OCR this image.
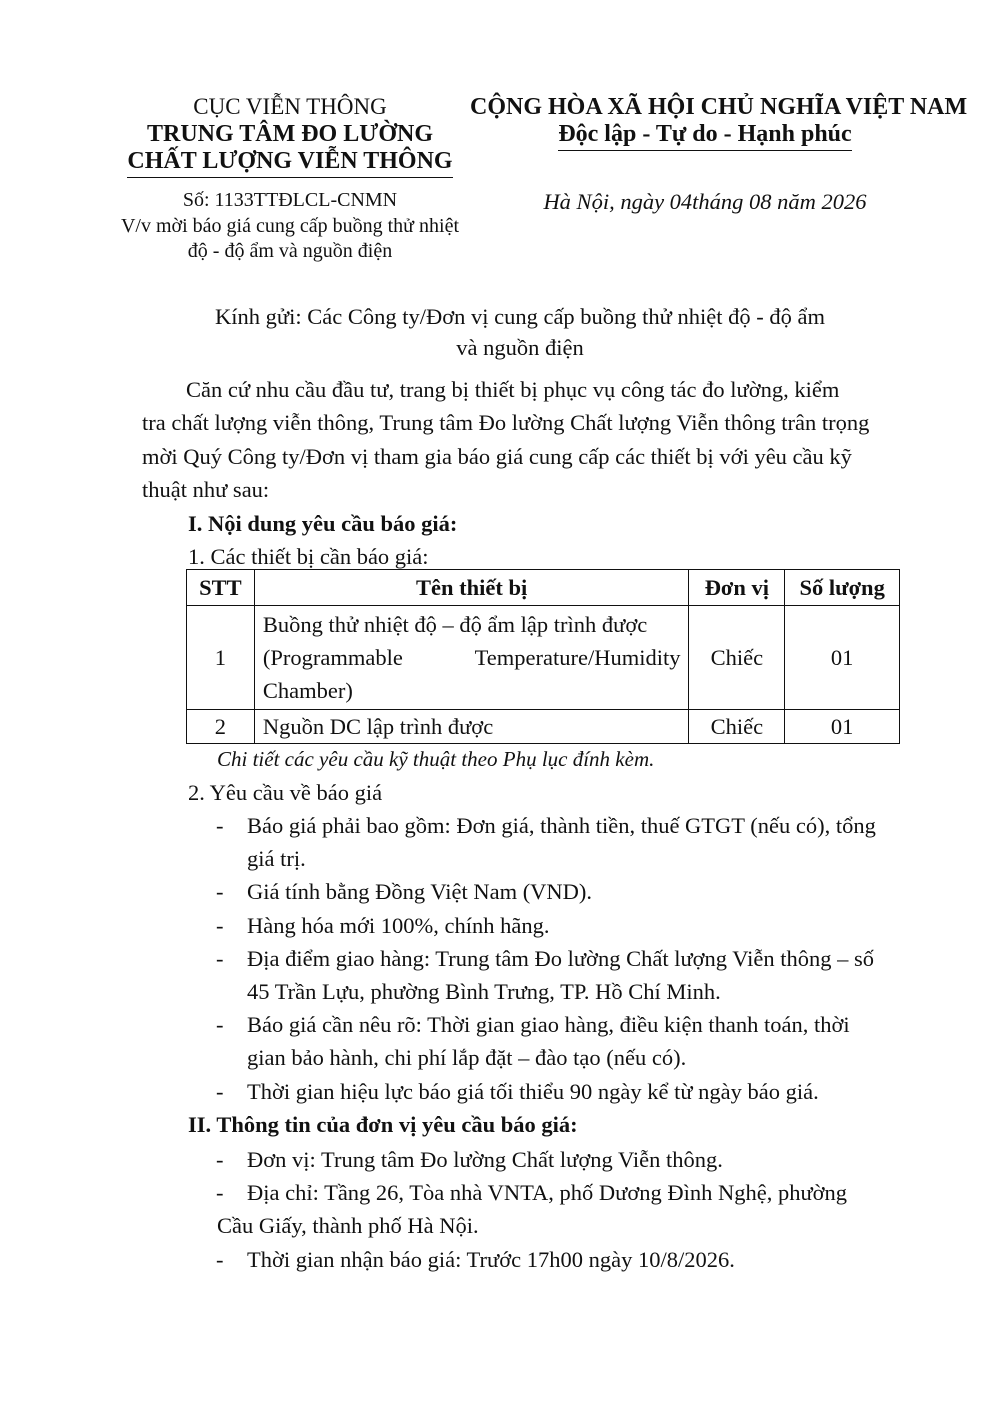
CỤC VIỄN THÔNG
TRUNG TÂM ĐO LƯỜNG
CHẤT LƯỢNG VIỄN THÔNG
Số: 1133TTĐLCL-CNMN
V/v mời báo giá cung cấp buồng thử nhiệt
độ - độ ẩm và nguồn điện
CỘNG HÒA XÃ HỘI CHỦ NGHĨA VIỆT NAM
Độc lập - Tự do - Hạnh phúc
Hà Nội, ngày 04tháng 08 năm 2026
Kính gửi: Các Công ty/Đơn vị cung cấp buồng thử nhiệt độ - độ ẩm
và nguồn điện
Căn cứ nhu cầu đầu tư, trang bị thiết bị phục vụ công tác đo lường, kiểm
tra chất lượng viễn thông, Trung tâm Đo lường Chất lượng Viễn thông trân trọng
mời Quý Công ty/Đơn vị tham gia báo giá cung cấp các thiết bị với yêu cầu kỹ
thuật như sau:
I. Nội dung yêu cầu báo giá:
1. Các thiết bị cần báo giá:
STT	Tên thiết bị	Đơn vị	Số lượng
1	Buồng thử nhiệt độ – độ ẩm lập trình được
(Programmable Temperature/Humidity
Chamber)	Chiếc	01
2	Nguồn DC lập trình được	Chiếc	01
Chi tiết các yêu cầu kỹ thuật theo Phụ lục đính kèm.
2. Yêu cầu về báo giá
- Báo giá phải bao gồm: Đơn giá, thành tiền, thuế GTGT (nếu có), tổng
giá trị.
- Giá tính bằng Đồng Việt Nam (VND).
- Hàng hóa mới 100%, chính hãng.
- Địa điểm giao hàng: Trung tâm Đo lường Chất lượng Viễn thông – số
45 Trần Lựu, phường Bình Trưng, TP. Hồ Chí Minh.
- Báo giá cần nêu rõ: Thời gian giao hàng, điều kiện thanh toán, thời
gian bảo hành, chi phí lắp đặt – đào tạo (nếu có).
- Thời gian hiệu lực báo giá tối thiểu 90 ngày kể từ ngày báo giá.
II. Thông tin của đơn vị yêu cầu báo giá:
- Đơn vị: Trung tâm Đo lường Chất lượng Viễn thông.
- Địa chỉ: Tầng 26, Tòa nhà VNTA, phố Dương Đình Nghệ, phường
Cầu Giấy, thành phố Hà Nội.
- Thời gian nhận báo giá: Trước 17h00 ngày 10/8/2026.
